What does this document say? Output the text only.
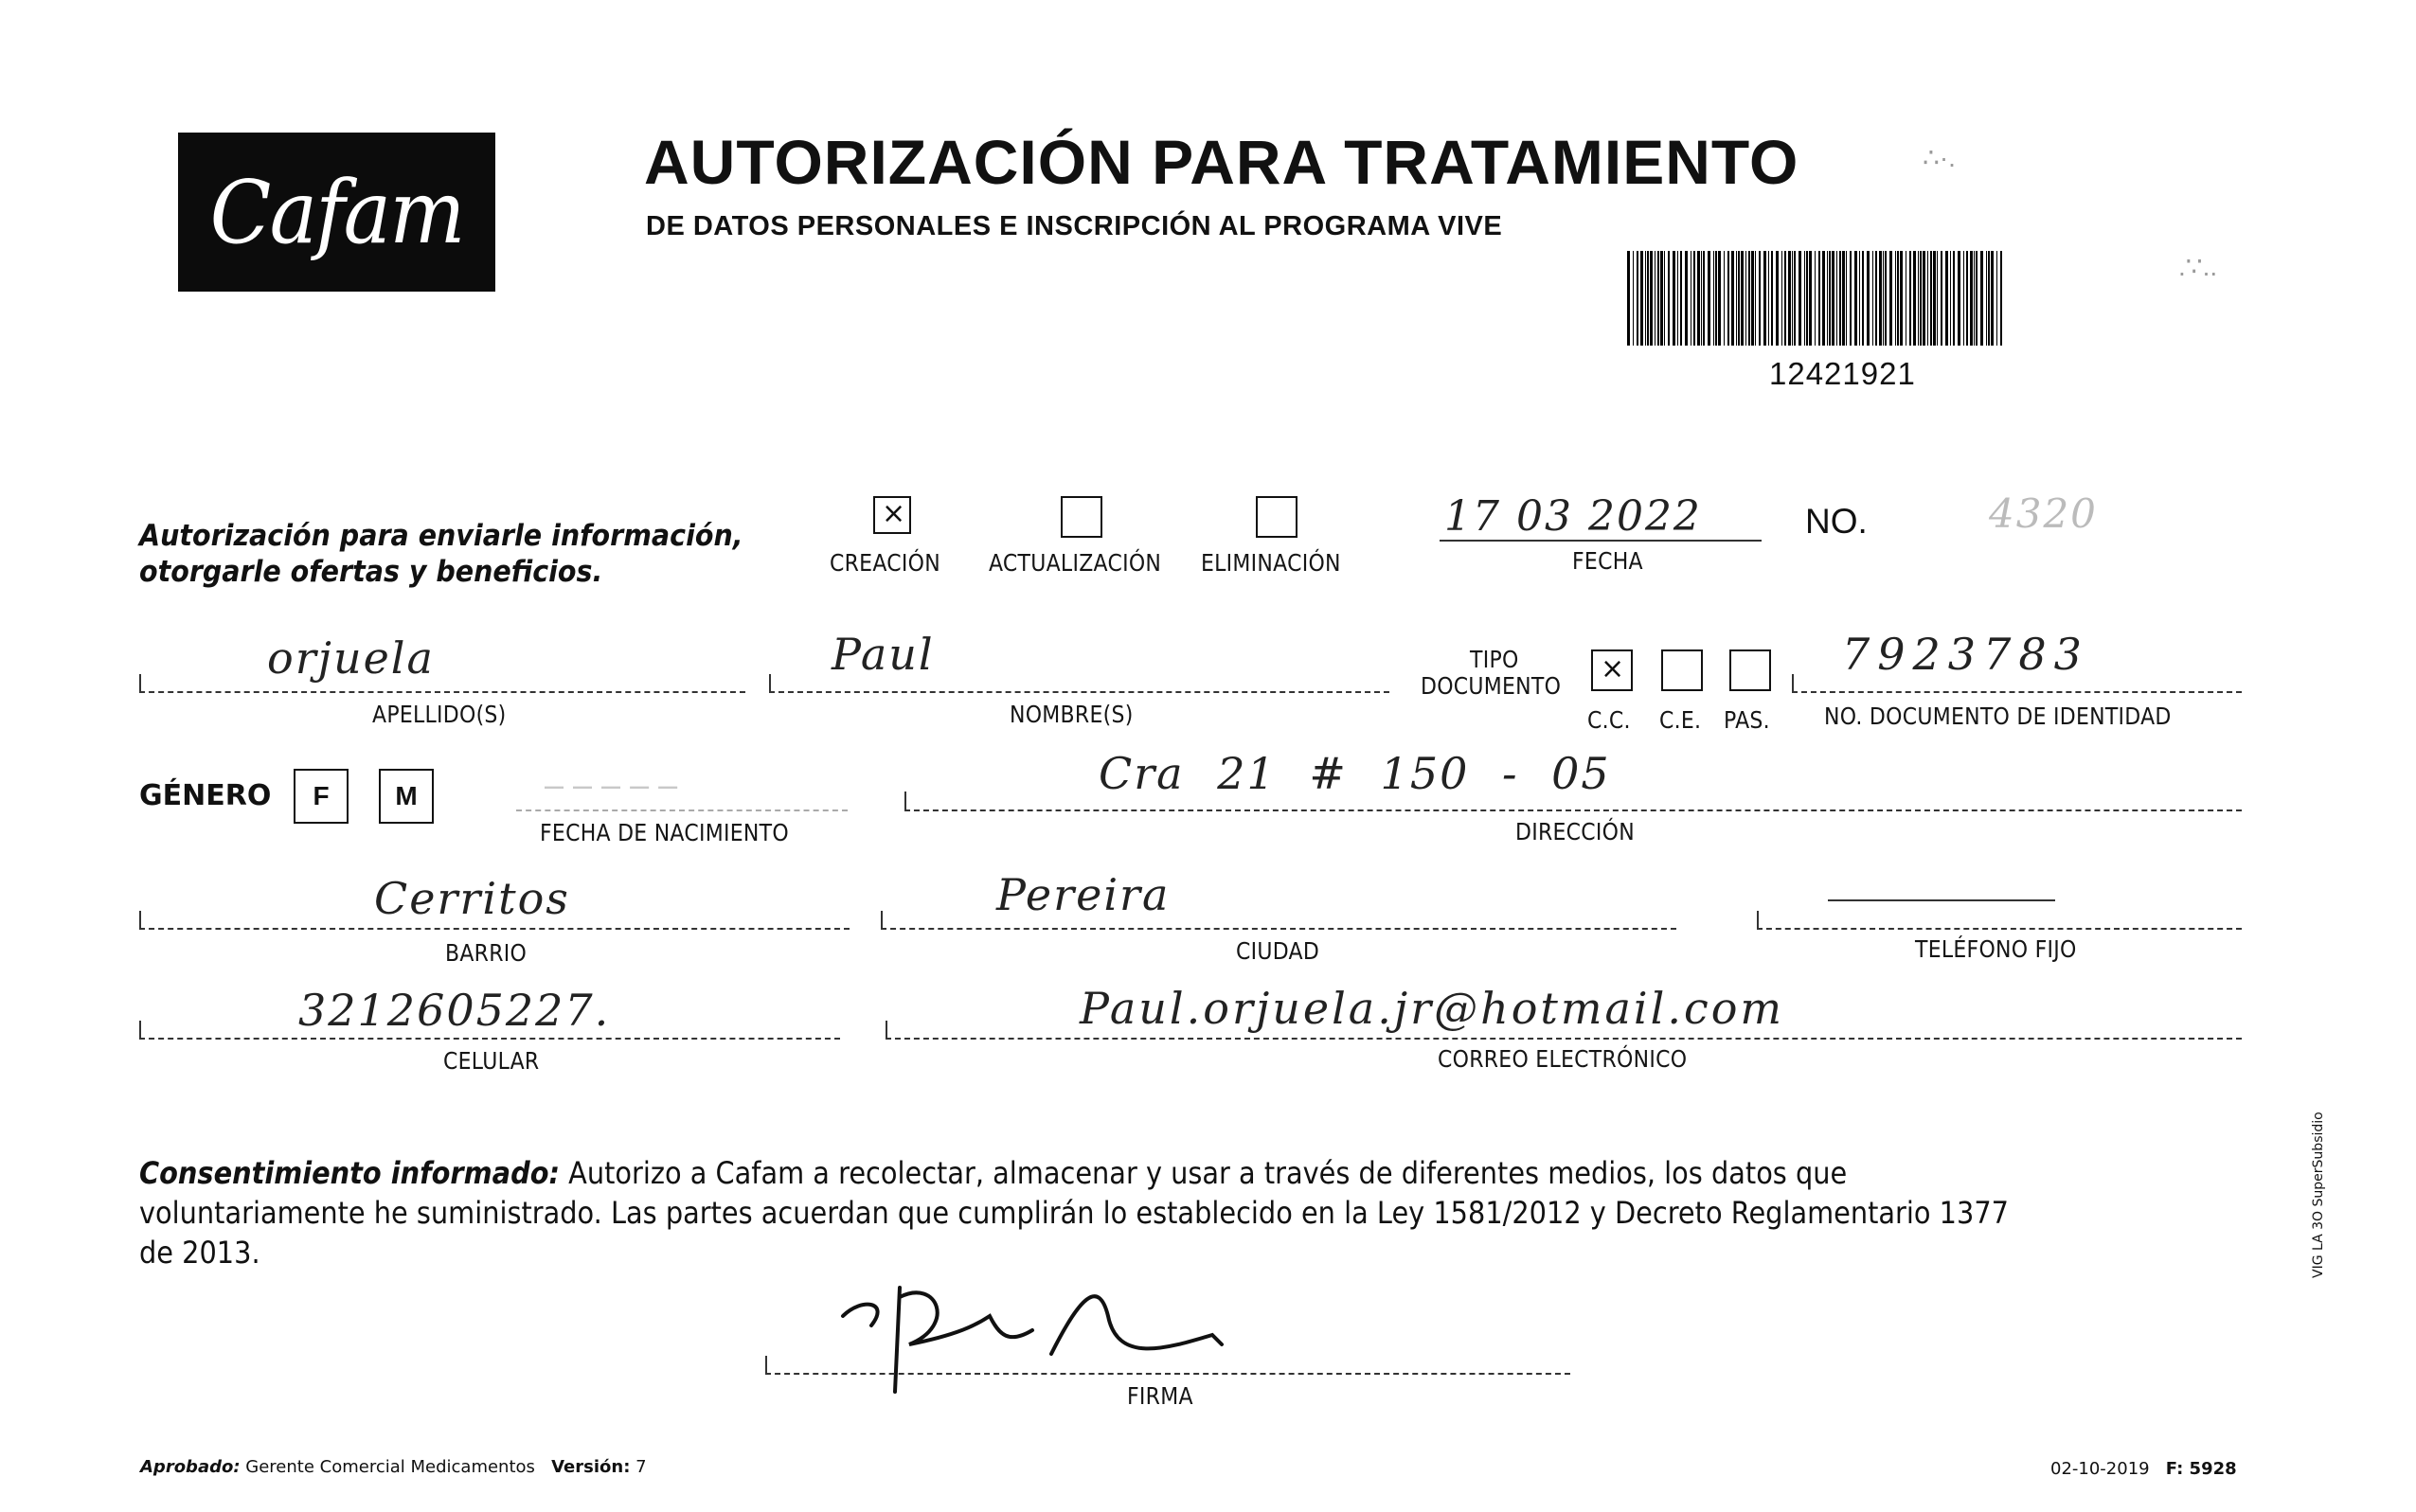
Cafam	AUTORIZACIÓN PARA TRATAMIENTO
DE DATOS PERSONALES E INSCRIPCIÓN AL PROGRAMA VIVE
12421921
∴·.
.∵..
Autorización para enviarle información,
otorgarle ofertas y beneficios.
×
CREACIÓN ACTUALIZACIÓN ELIMINACIÓN
17 03 2022
FECHA
NO.	4320
orjuela
APELLIDO(S)
Paul
NOMBRE(S)
TIPO
DOCUMENTO
×
C.C. C.E. PAS.
7923783
NO. DOCUMENTO DE IDENTIDAD
GÉNERO F M	– – – – –
FECHA DE NACIMIENTO
Cra 21 # 150 - 05
DIRECCIÓN
Cerritos
BARRIO
Pereira
CIUDAD	TELÉFONO FIJO
3212605227.
CELULAR
Paul.orjuela.jr@hotmail.com
CORREO ELECTRÓNICO
Consentimiento informado: Autorizo a Cafam a recolectar, almacenar y usar a través de diferentes medios, los datos que voluntariamente he suministrado. Las partes acuerdan que cumplirán lo establecido en la Ley 1581/2012 y Decreto Reglamentario 1377 de 2013.
FIRMA
Aprobado: Gerente Comercial Medicamentos Versión: 7	02-10-2019 F: 5928
VIG LA 3O SuperSubsidio
